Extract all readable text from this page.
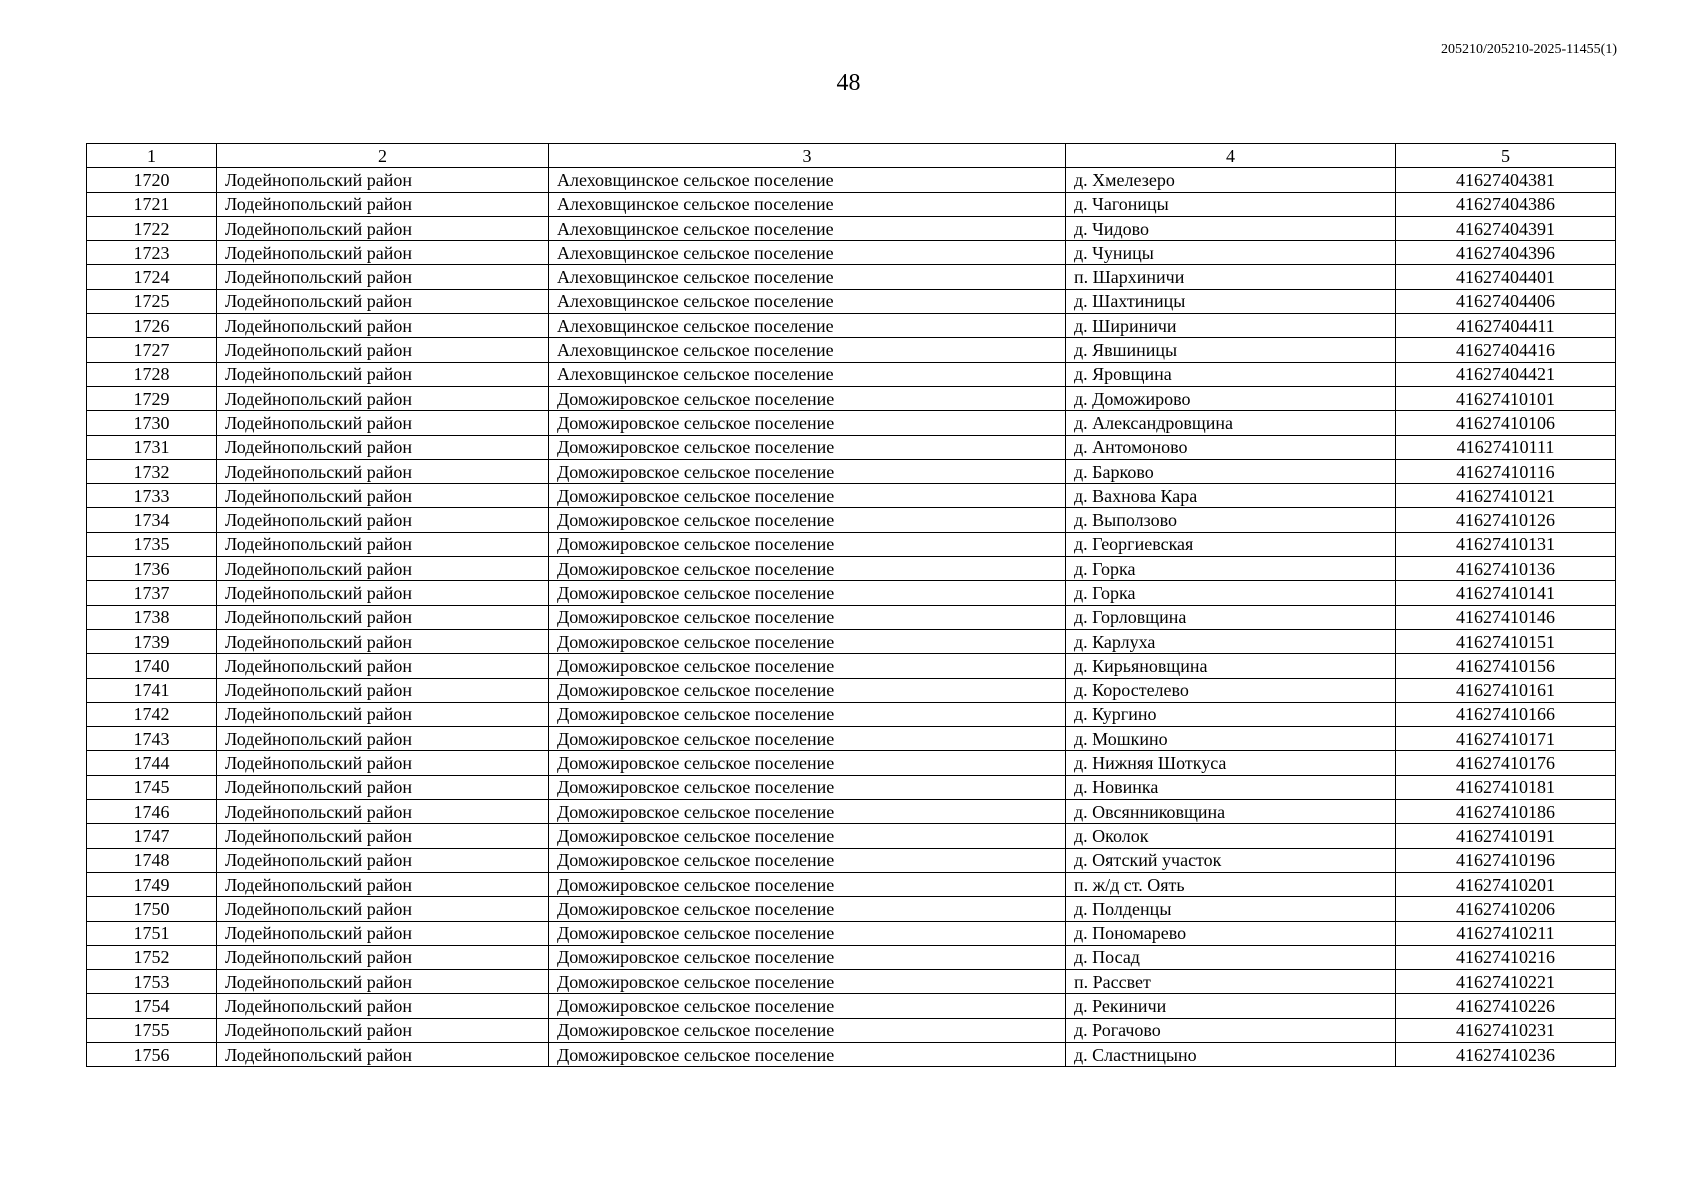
205210/205210-2025-11455(1)
48
1	2	3	4	5
1720	Лодейнопольский район	Алеховщинское сельское поселение	д. Хмелезеро	41627404381
1721	Лодейнопольский район	Алеховщинское сельское поселение	д. Чагоницы	41627404386
1722	Лодейнопольский район	Алеховщинское сельское поселение	д. Чидово	41627404391
1723	Лодейнопольский район	Алеховщинское сельское поселение	д. Чуницы	41627404396
1724	Лодейнопольский район	Алеховщинское сельское поселение	п. Шархиничи	41627404401
1725	Лодейнопольский район	Алеховщинское сельское поселение	д. Шахтиницы	41627404406
1726	Лодейнопольский район	Алеховщинское сельское поселение	д. Шириничи	41627404411
1727	Лодейнопольский район	Алеховщинское сельское поселение	д. Явшиницы	41627404416
1728	Лодейнопольский район	Алеховщинское сельское поселение	д. Яровщина	41627404421
1729	Лодейнопольский район	Доможировское сельское поселение	д. Доможирово	41627410101
1730	Лодейнопольский район	Доможировское сельское поселение	д. Александровщина	41627410106
1731	Лодейнопольский район	Доможировское сельское поселение	д. Антомоново	41627410111
1732	Лодейнопольский район	Доможировское сельское поселение	д. Барково	41627410116
1733	Лодейнопольский район	Доможировское сельское поселение	д. Вахнова Кара	41627410121
1734	Лодейнопольский район	Доможировское сельское поселение	д. Выползово	41627410126
1735	Лодейнопольский район	Доможировское сельское поселение	д. Георгиевская	41627410131
1736	Лодейнопольский район	Доможировское сельское поселение	д. Горка	41627410136
1737	Лодейнопольский район	Доможировское сельское поселение	д. Горка	41627410141
1738	Лодейнопольский район	Доможировское сельское поселение	д. Горловщина	41627410146
1739	Лодейнопольский район	Доможировское сельское поселение	д. Карлуха	41627410151
1740	Лодейнопольский район	Доможировское сельское поселение	д. Кирьяновщина	41627410156
1741	Лодейнопольский район	Доможировское сельское поселение	д. Коростелево	41627410161
1742	Лодейнопольский район	Доможировское сельское поселение	д. Кургино	41627410166
1743	Лодейнопольский район	Доможировское сельское поселение	д. Мошкино	41627410171
1744	Лодейнопольский район	Доможировское сельское поселение	д. Нижняя Шоткуса	41627410176
1745	Лодейнопольский район	Доможировское сельское поселение	д. Новинка	41627410181
1746	Лодейнопольский район	Доможировское сельское поселение	д. Овсянниковщина	41627410186
1747	Лодейнопольский район	Доможировское сельское поселение	д. Околок	41627410191
1748	Лодейнопольский район	Доможировское сельское поселение	д. Оятский участок	41627410196
1749	Лодейнопольский район	Доможировское сельское поселение	п. ж/д ст. Оять	41627410201
1750	Лодейнопольский район	Доможировское сельское поселение	д. Полденцы	41627410206
1751	Лодейнопольский район	Доможировское сельское поселение	д. Пономарево	41627410211
1752	Лодейнопольский район	Доможировское сельское поселение	д. Посад	41627410216
1753	Лодейнопольский район	Доможировское сельское поселение	п. Рассвет	41627410221
1754	Лодейнопольский район	Доможировское сельское поселение	д. Рекиничи	41627410226
1755	Лодейнопольский район	Доможировское сельское поселение	д. Рогачово	41627410231
1756	Лодейнопольский район	Доможировское сельское поселение	д. Сластницыно	41627410236
